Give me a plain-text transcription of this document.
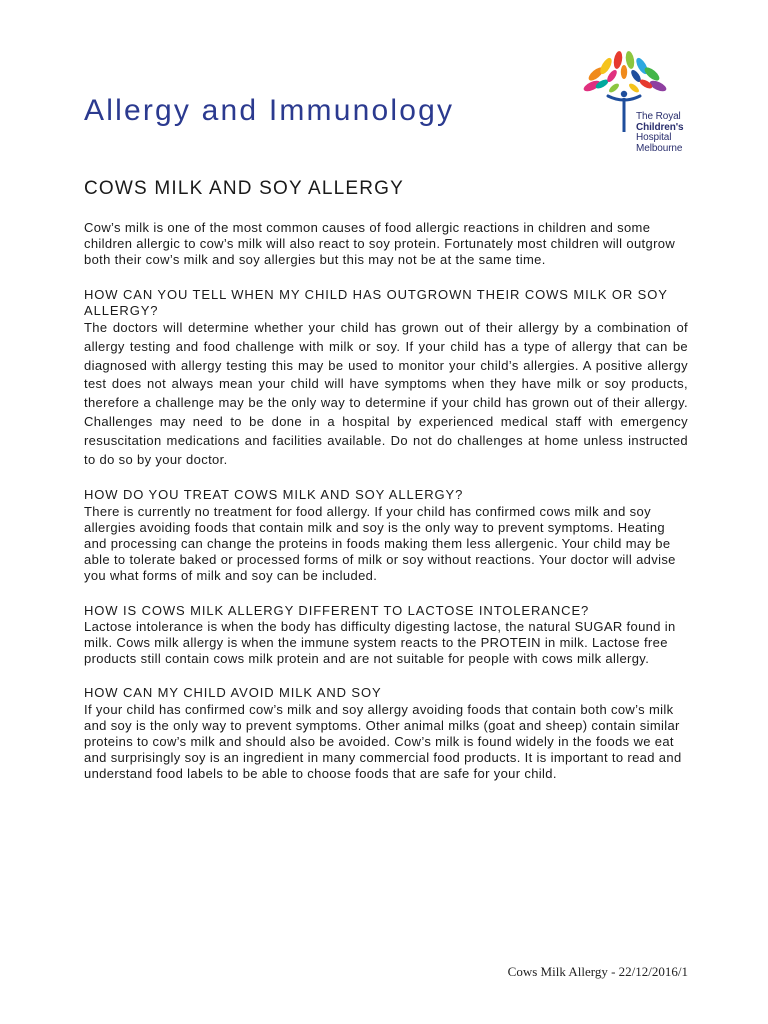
Allergy and Immunology	The Royal
Children's
Hospital
Melbourne
COWS MILK AND SOY ALLERGY

Cow’s milk is one of the most common causes of food allergic reactions in children and some children allergic to cow’s milk will also react to soy protein. Fortunately most children will outgrow both their cow’s milk and soy allergies but this may not be at the same time.

HOW CAN YOU TELL WHEN MY CHILD HAS OUTGROWN THEIR COWS MILK OR SOY ALLERGY?

The doctors will determine whether your child has grown out of their allergy by a combination of allergy testing and food challenge with milk or soy. If your child has a type of allergy that can be diagnosed with allergy testing this may be used to monitor your child’s allergies. A positive allergy test does not always mean your child will have symptoms when they have milk or soy products, therefore a challenge may be the only way to determine if your child has grown out of their allergy. Challenges may need to be done in a hospital by experienced medical staff with emergency resuscitation medications and facilities available. Do not do challenges at home unless instructed to do so by your doctor.

HOW DO YOU TREAT COWS MILK AND SOY ALLERGY?

There is currently no treatment for food allergy. If your child has confirmed cows milk and soy allergies avoiding foods that contain milk and soy is the only way to prevent symptoms. Heating and processing can change the proteins in foods making them less allergenic. Your child may be able to tolerate baked or processed forms of milk or soy without reactions. Your doctor will advise you what forms of milk and soy can be included.

HOW IS COWS MILK ALLERGY DIFFERENT TO LACTOSE INTOLERANCE?

Lactose intolerance is when the body has difficulty digesting lactose, the natural SUGAR found in milk. Cows milk allergy is when the immune system reacts to the PROTEIN in milk. Lactose free products still contain cows milk protein and are not suitable for people with cows milk allergy.

HOW CAN MY CHILD AVOID MILK AND SOY

If your child has confirmed cow’s milk and soy allergy avoiding foods that contain both cow’s milk and soy is the only way to prevent symptoms. Other animal milks (goat and sheep) contain similar proteins to cow’s milk and should also be avoided. Cow’s milk is found widely in the foods we eat and surprisingly soy is an ingredient in many commercial food products. It is important to read and understand food labels to be able to choose foods that are safe for your child.

Cows Milk Allergy - 22/12/2016/1
